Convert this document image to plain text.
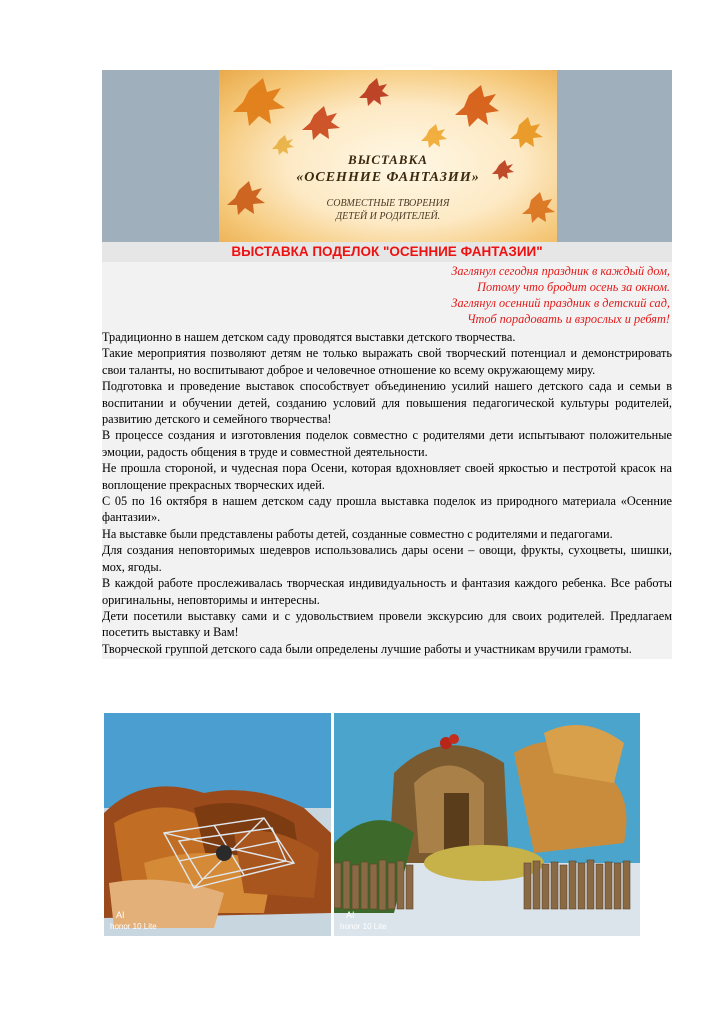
ВЫСТАВКА
«ОСЕННИЕ ФАНТАЗИИ»
СОВМЕСТНЫЕ ТВОРЕНИЯ
ДЕТЕЙ И РОДИТЕЛЕЙ.
ВЫСТАВКА ПОДЕЛОК "ОСЕННИЕ ФАНТАЗИИ"
Заглянул сегодня праздник в каждый дом,
Потому что бродит осень за окном.
Заглянул осенний праздник в детский сад,
Чтоб порадовать и взрослых и ребят!

Традиционно в нашем детском саду проводятся выставки детского творчества.

Такие мероприятия позволяют детям не только выражать свой творческий потенциал и демонстрировать свои таланты, но воспитывают доброе и человечное отношение ко всему окружающему миру.

Подготовка и проведение выставок способствует объединению усилий нашего детского сада и семьи в воспитании и обучении детей, созданию условий для повышения педагогической культуры родителей, развитию детского и семейного творчества!

В процессе создания и изготовления поделок совместно с родителями дети испытывают положительные эмоции, радость общения в труде и совместной деятельности.

Не прошла стороной, и чудесная пора Осени, которая вдохновляет своей яркостью и пестротой красок на воплощение прекрасных творческих идей.

С 05 по 16 октября в нашем детском саду прошла выставка поделок из природного материала «Осенние фантазии».

На выставке были представлены работы детей, созданные совместно с родителями и педагогами.

Для создания неповторимых шедевров использовались дары осени – овощи, фрукты, сухоцветы, шишки, мох, ягоды.

В каждой работе прослеживалась творческая индивидуальность и фантазия каждого ребенка. Все работы оригинальны, неповторимы и интересны.

Дети посетили выставку сами и с удовольствием провели экскурсию для своих родителей. Предлагаем посетить выставку и Вам!

Творческой группой детского сада были определены лучшие работы и участникам вручили грамоты.

AI
honor 10 Lite
AI
honor 10 Lite
